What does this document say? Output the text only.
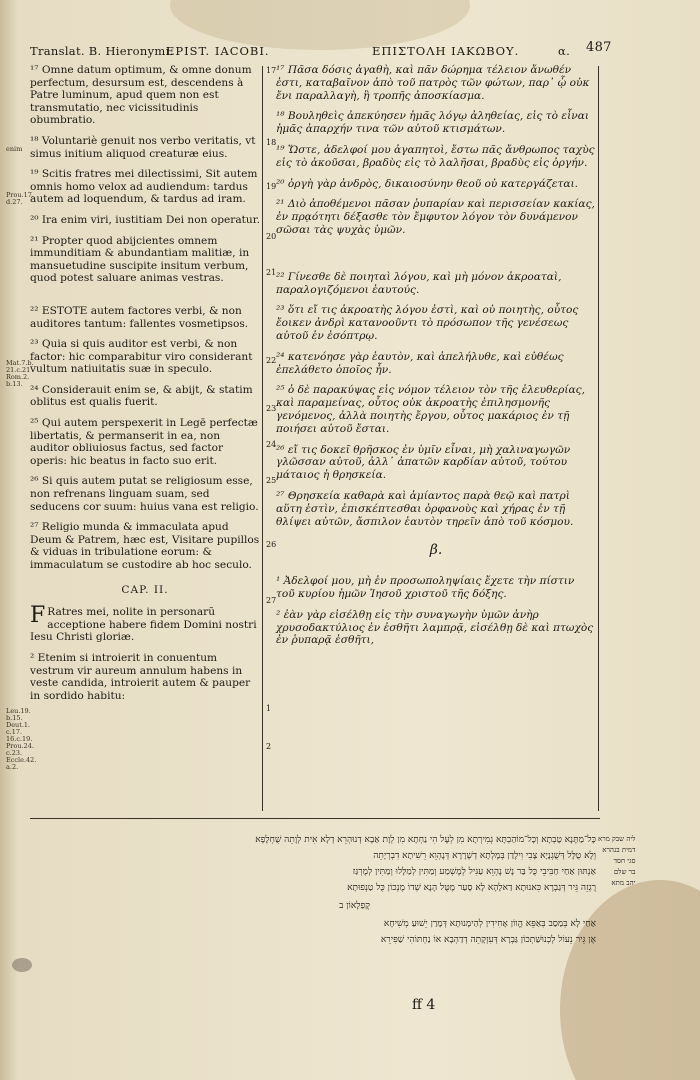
Translat. B. Hieronymi.
EPIST. IACOBI.	ΕΠΙΣΤΟΛΗ ΙΑΚΩΒΟΥ.	α. 487
enim
Prou.17.
d.27.
Mat.7.b.
21.c.21
Rom.2.
b.13.
Leu.19.
b.15.
Deut.1.
c.17.
16.c.19.
Prou.24.
c.23.
Eccle.42.
a.2.

¹⁷ Omne datum optimum, & omne donum perfectum, desursum est, descendens à Patre luminum, apud quem non est transmutatio, nec vicissitudinis obumbratio.

¹⁸ Voluntariè genuit nos verbo veritatis, vt simus initium aliquod creaturæ eius.

¹⁹ Scitis fratres mei dilectissimi, Sit autem omnis homo velox ad audiendum: tardus autem ad loquendum, & tardus ad iram.

²⁰ Ira enim viri, iustitiam Dei non operatur.

²¹ Propter quod abijcientes omnem immunditiam & abundantiam malitiæ, in mansuetudine suscipite insitum verbum, quod potest saluare animas vestras.

²² ESTOTE autem factores verbi, & non auditores tantum: fallentes vosmetipsos.

²³ Quia si quis auditor est verbi, & non factor: hic comparabitur viro considerant vultum natiuitatis suæ in speculo.

²⁴ Considerauit enim se, & abijt, & statim oblitus est qualis fuerit.

²⁵ Qui autem perspexerit in Legē perfectæ libertatis, & permanserit in ea, non auditor obliuiosus factus, sed factor operis: hic beatus in facto suo erit.

²⁶ Si quis autem putat se religiosum esse, non refrenans linguam suam, sed seducens cor suum: huius vana est religio.

²⁷ Religio munda & immaculata apud Deum & Patrem, hæc est, Visitare pupillos & viduas in tribulatione eorum: & immaculatum se custodire ab hoc seculo.

CAP. II.

F Ratres mei, nolite in personarũ acceptione habere fidem Domini nostri Iesu Christi gloriæ.

² Etenim si introierit in conuentum vestrum vir aureum annulum habens in veste candida, introierit autem & pauper in sordido habitu:

¹⁷ Πᾶσα δόσις ἀγαθὴ, καὶ πᾶν δώρημα τέλειον ἄνωθέν ἐστι, καταβαῖνον ἀπὸ τοῦ πατρὸς τῶν φώτων, παρ᾽ ᾧ οὐκ ἔνι παραλλαγὴ, ἢ τροπῆς ἀποσκίασμα.

¹⁸ Βουληθεὶς ἀπεκύησεν ἡμᾶς λόγῳ ἀληθείας, εἰς τὸ εἶναι ἡμᾶς ἀπαρχήν τινα τῶν αὐτοῦ κτισμάτων.

¹⁹ Ὥστε, ἀδελφοί μου ἀγαπητοὶ, ἔστω πᾶς ἄνθρωπος ταχὺς εἰς τὸ ἀκοῦσαι, βραδὺς εἰς τὸ λαλῆσαι, βραδὺς εἰς ὀργήν.

²⁰ ὀργὴ γὰρ ἀνδρὸς, δικαιοσύνην θεοῦ οὐ κατεργάζεται.

²¹ Διὸ ἀποθέμενοι πᾶσαν ῥυπαρίαν καὶ περισσείαν κακίας, ἐν πρᾳότητι δέξασθε τὸν ἔμφυτον λόγον τὸν δυνάμενον σῶσαι τὰς ψυχὰς ὑμῶν.

²² Γίνεσθε δὲ ποιηταὶ λόγου, καὶ μὴ μόνον ἀκροαταὶ, παραλογιζόμενοι ἑαυτούς.

²³ ὅτι εἴ τις ἀκροατὴς λόγου ἐστὶ, καὶ οὐ ποιητὴς, οὗτος ἔοικεν ἀνδρὶ κατανοοῦντι τὸ πρόσωπον τῆς γενέσεως αὐτοῦ ἐν ἐσόπτρῳ.

²⁴ κατενόησε γὰρ ἑαυτὸν, καὶ ἀπελήλυθε, καὶ εὐθέως ἐπελάθετο ὁποῖος ἦν.

²⁵ ὁ δὲ παρακύψας εἰς νόμον τέλειον τὸν τῆς ἐλευθερίας, καὶ παραμείνας, οὗτος οὐκ ἀκροατὴς ἐπιλησμονῆς γενόμενος, ἀλλὰ ποιητὴς ἔργου, οὗτος μακάριος ἐν τῇ ποιήσει αὐτοῦ ἔσται.

²⁶ εἴ τις δοκεῖ θρῆσκος ἐν ὑμῖν εἶναι, μὴ χαλιναγωγῶν γλῶσσαν αὐτοῦ, ἀλλ᾽ ἀπατῶν καρδίαν αὐτοῦ, τούτου μάταιος ἡ θρησκεία.

²⁷ Θρησκεία καθαρὰ καὶ ἀμίαντος παρὰ θεῷ καὶ πατρὶ αὕτη ἐστὶν, ἐπισκέπτεσθαι ὀρφανοὺς καὶ χήρας ἐν τῇ θλίψει αὐτῶν, ἄσπιλον ἑαυτὸν τηρεῖν ἀπὸ τοῦ κόσμου.

β.

¹ Ἀδελφοί μου, μὴ ἐν προσωποληψίαις ἔχετε τὴν πίστιν τοῦ κυρίου ἡμῶν Ἰησοῦ χριστοῦ τῆς δόξης.

² ἐὰν γὰρ εἰσέλθῃ εἰς τὴν συναγωγὴν ὑμῶν ἀνὴρ χρυσοδακτύλιος ἐν ἐσθῆτι λαμπρᾷ, εἰσέλθῃ δὲ καὶ πτωχὸς ἐν ῥυπαρᾷ ἐσθῆτι,

17
18
19
20
21
22
23
24
25
26
27
1
2
כָּל־מַתָּנָא טָבְתָא וְכָל־מוֹהַבְתָּא גְמִירְתָא מִן לְעֶל הִי נַחְתָא מִן לְוָת אַבָא דְנוּהְרֵא דְלָא אִית לְוָתֵה שֻׁחְלָפָא
וְלָא טֻלָּל דְּשֻׁגְנָיָא צָבִי וִילֶדַן בְּמֶלְתָא דְשָׁרָרָא דְּנֶהְוֵא רֵשִׁיתָא דִבְרְיָתֵה
אַנְתּוּן אַחַי חַבִּיבֵי כֻּל בַּר נָשׁ נֶהְוֵא עַגִּיל לְמֶשְׁמַע וְמַתִּין לְמַלָּלוּ וְמַתִּין לְמֶרְגַּז
רֻגְזֵה גֵּיר דְּגַבְרָא כִּאנוּתָא דַאלָהָא לָא סָעַר מֶטֻּל הָנָא שְׁדוֹ מֶנְכוֹן כֻּל טַנְפוּתָא
קֶפַלָאוֹן ב
אַחַי לָא בְּמַסַב בְּאַפֵּא הֱווֹן אָחִידִין לְהַימָנוּתָא דְּמָרַן יֵשׁוּעַ מְשִׁיחָא
אֶן גֵּיר נֵעוֹל לְכְנוּשַׁתְכוֹן גַּבְרָא דְּעִזְקָתֵה דְדַהְבָא אוֹ נַחְתּוֹהִי שַׁפִּירֵא
ליה שבק מרא
דמית בנהרא
סגי חסד
בר שלם
יהב מתא
ff 4
